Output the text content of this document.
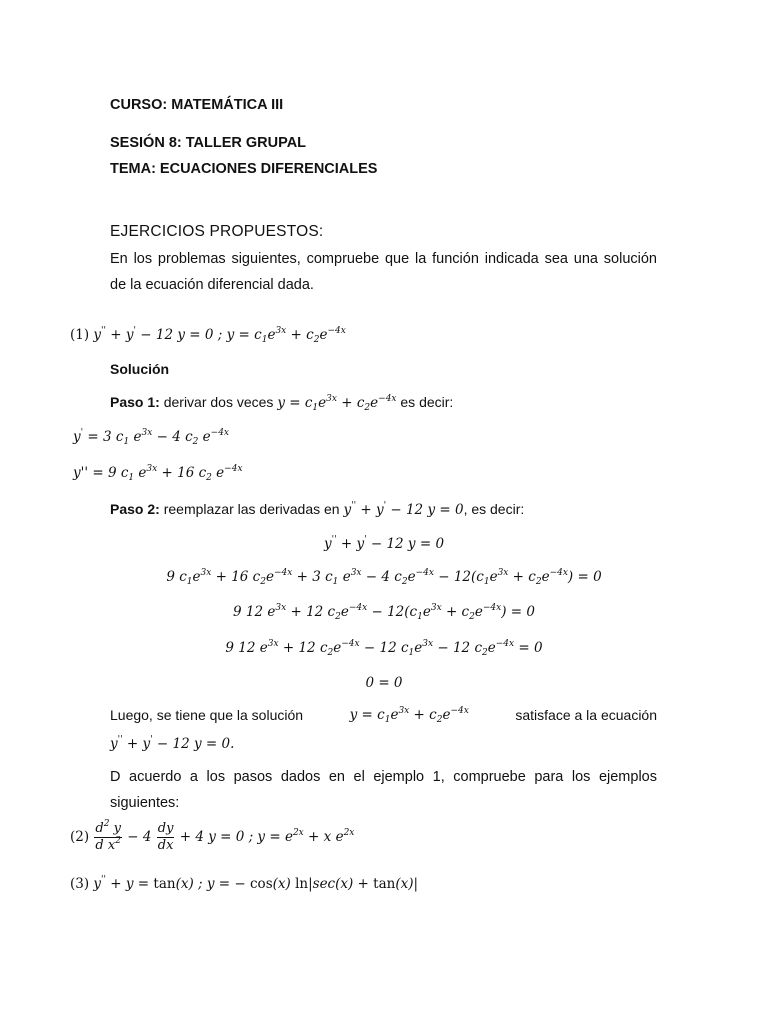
CURSO: MATEMÁTICA III
SESIÓN 8: TALLER GRUPAL
TEMA: ECUACIONES DIFERENCIALES
EJERCICIOS PROPUESTOS:
En los problemas siguientes, compruebe que la función indicada sea una solución de la ecuación diferencial dada.
(1) y'' + y' − 12 y = 0 ; $y = c_1e^{3x} + c_2e^{-4x}$
Solución
Paso 1: derivar dos veces $y = c_1e^{3x} + c_2e^{-4x}$ es decir:
y' = 3 $c_1$ $e^{3x} - 4$ $c_2$ $e^{-4x}$
y'' = 9 $c_1$ $e^{3x} + 16$ $c_2$ $e^{-4x}$
Paso 2: reemplazar las derivadas en y'' + y' − 12 y = 0, es decir:
y'' + y' − 12 y = 0
9 $c_1e^{3x} + 16$ $c_2e^{-4x} + 3$ $c_1$ $e^{3x} - 4$ $c_2e^{-4x} - 12(c_1e^{3x} + c_2e^{-4x}) = 0$
9 12 $e^{3x} + 12$ $c_2e^{-4x} - 12(c_1e^{3x} + c_2e^{-4x}) = 0$
9 12 $e^{3x} + 12$ $c_2e^{-4x} - 12$ $c_1e^{3x} - 12$ $c_2e^{-4x} = 0$
0 = 0
Luego, se tiene que la solución	$y = c_1e^{3x} + c_2e^{-4x}$	satisface a la ecuación
y'' + y' − 12 y = 0.
D acuerdo a los pasos dados en el ejemplo 1, compruebe para los ejemplos siguientes:
$(2) \frac{d^2 y}{d x^2} - 4 \frac{dy}{dx} + 4$ y = 0 ; $y = e^{2x} + x$ $e^{2x}$
(3) y'' + y = tan(x) ; y = − cos(x) ln|sec(x) + tan(x)|
